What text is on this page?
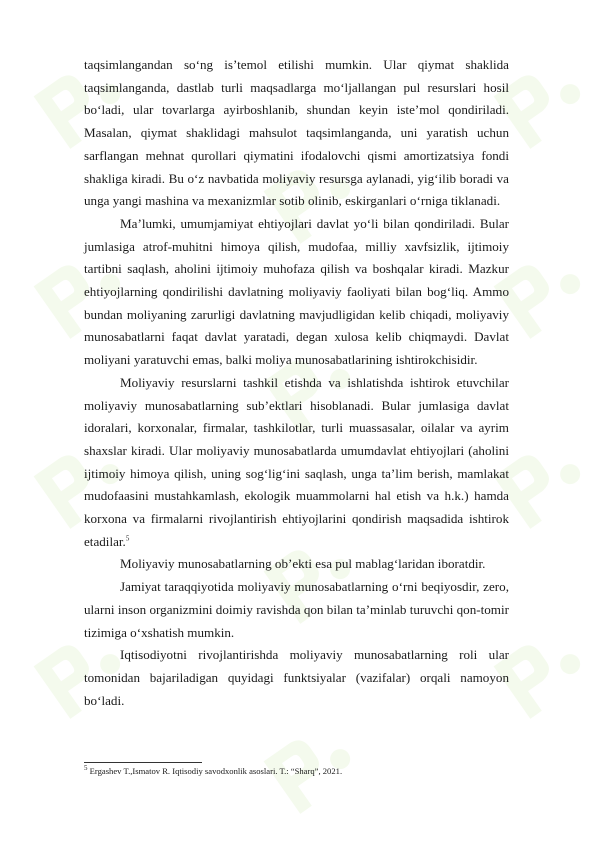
taqsimlangandan so‘ng is’temol etilishi mumkin. Ular qiymat shaklida taqsimlanganda, dastlab turli maqsadlarga mo‘ljallangan pul resurslari hosil bo‘ladi, ular tovarlarga ayirboshlanib, shundan keyin iste’mol qondiriladi. Masalan, qiymat shaklidagi mahsulot taqsimlanganda, uni yaratish uchun sarflangan mehnat qurollari qiymatini ifodalovchi qismi amortizatsiya fondi shakliga kiradi. Bu o‘z navbatida moliyaviy resursga aylanadi, yig‘ilib boradi va unga yangi mashina va mexanizmlar sotib olinib, eskirganlari o‘rniga tiklanadi.

Ma’lumki, umumjamiyat ehtiyojlari davlat yo‘li bilan qondiriladi. Bular jumlasiga atrof-muhitni himoya qilish, mudofaa, milliy xavfsizlik, ijtimoiy tartibni saqlash, aholini ijtimoiy muhofaza qilish va boshqalar kiradi. Mazkur ehtiyojlarning qondirilishi davlatning moliyaviy faoliyati bilan bog‘liq. Ammo bundan moliyaning zarurligi davlatning mavjudligidan kelib chiqadi, moliyaviy munosabatlarni faqat davlat yaratadi, degan xulosa kelib chiqmaydi. Davlat moliyani yaratuvchi emas, balki moliya munosabatlarining ishtirokchisidir.

Moliyaviy resurslarni tashkil etishda va ishlatishda ishtirok etuvchilar moliyaviy munosabatlarning sub’ektlari hisoblanadi. Bular jumlasiga davlat idoralari, korxonalar, firmalar, tashkilotlar, turli muassasalar, oilalar va ayrim shaxslar kiradi. Ular moliyaviy munosabatlarda umumdavlat ehtiyojlari (aholini ijtimoiy himoya qilish, uning sog‘lig‘ini saqlash, unga ta’lim berish, mamlakat mudofaasini mustahkamlash, ekologik muammolarni hal etish va h.k.) hamda korxona va firmalarni rivojlantirish ehtiyojlarini qondirish maqsadida ishtirok etadilar.$^5$

Moliyaviy munosabatlarning ob’ekti esa pul mablag‘laridan iboratdir.

Jamiyat taraqqiyotida moliyaviy munosabatlarning o‘rni beqiyosdir, zero, ularni inson organizmini doimiy ravishda qon bilan ta’minlab turuvchi qon-tomir tizimiga o‘xshatish mumkin.

Iqtisodiyotni rivojlantirishda moliyaviy munosabatlarning roli ular tomonidan bajariladigan quyidagi funktsiyalar (vazifalar) orqali namoyon bo‘ladi.

$^5$ Ergashev T.,Ismatov R. Iqtisodiy savodxonlik asoslari. T.: “Sharq”, 2021.
